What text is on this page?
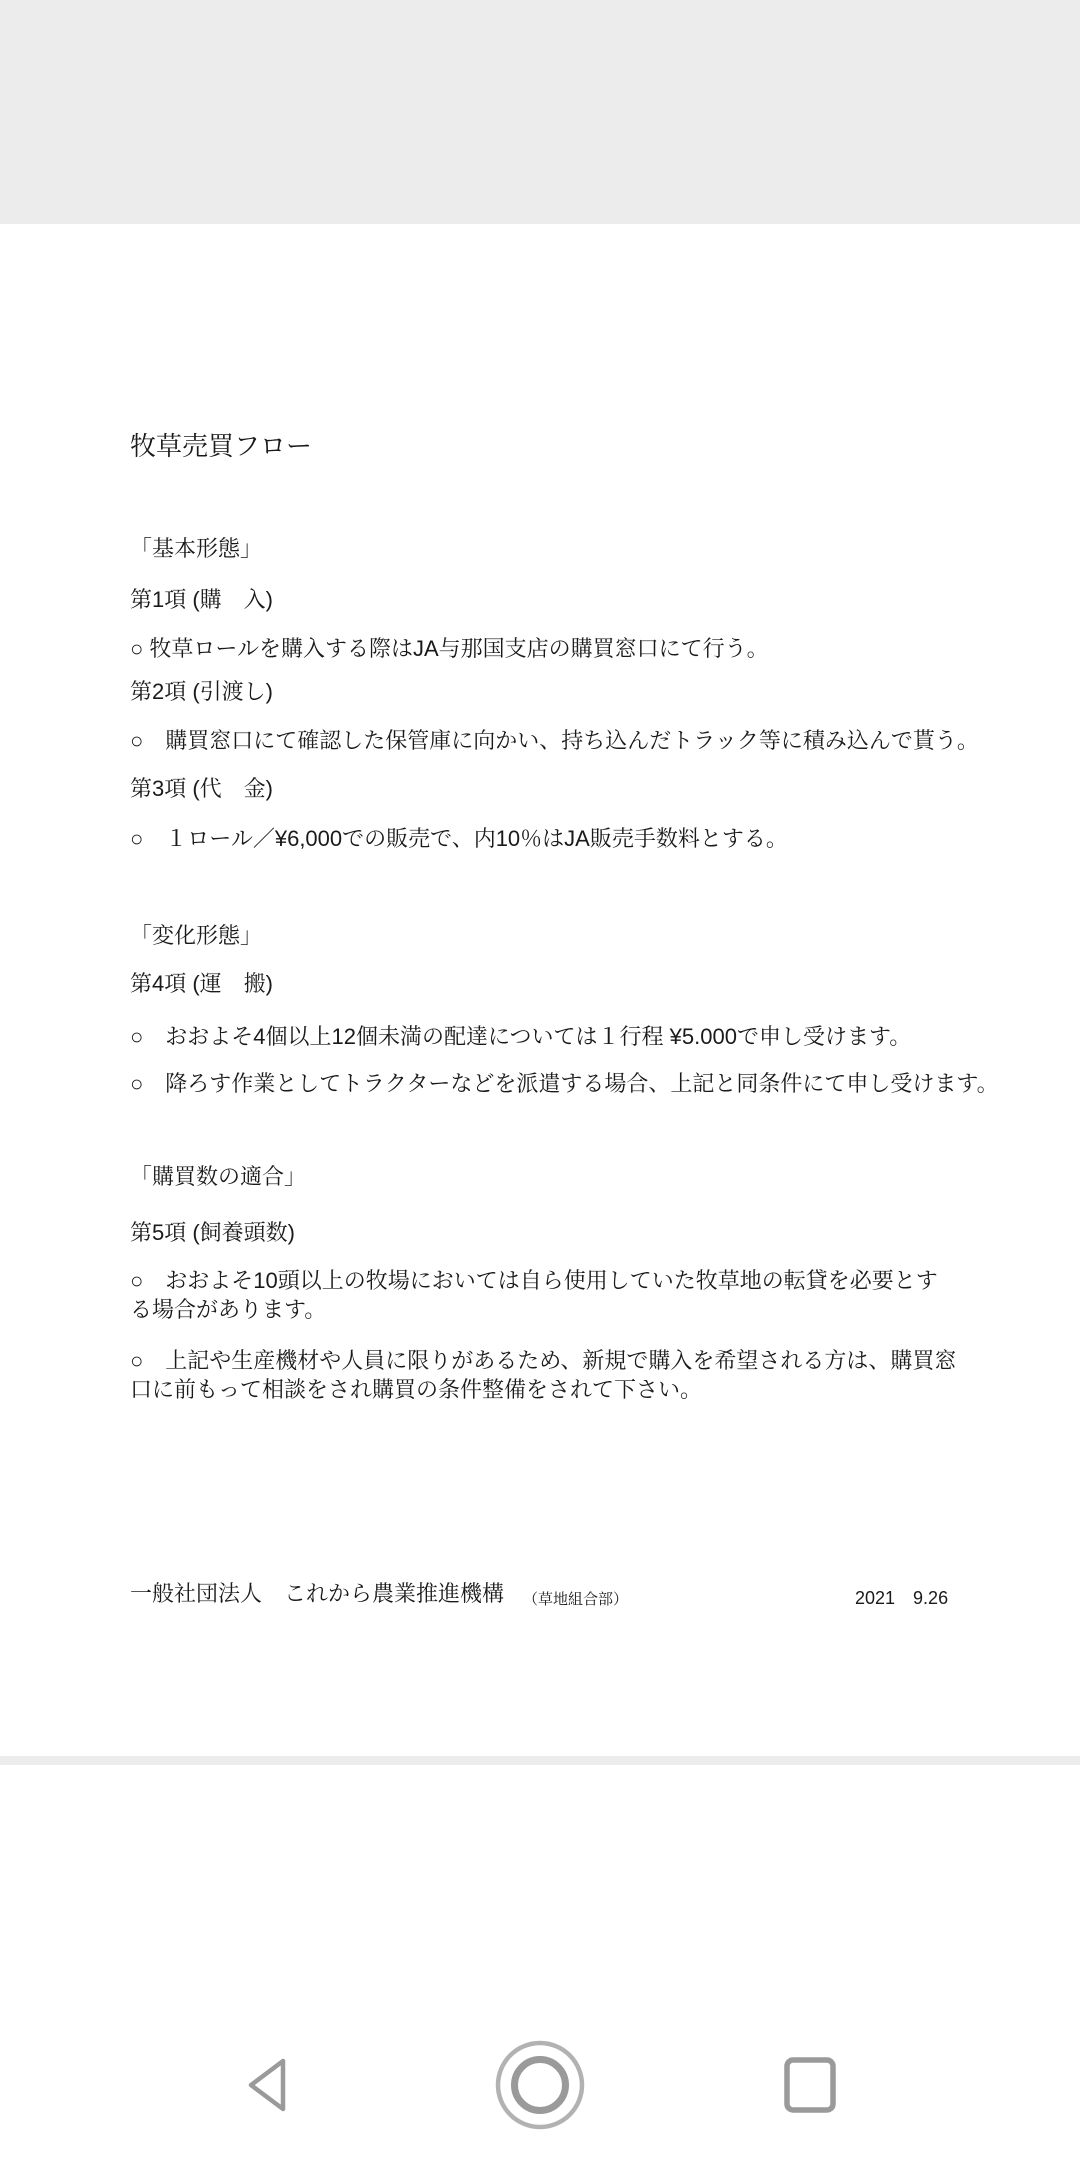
牧草売買フロー
「基本形態」
第1項 (購　入)
○ 牧草ロールを購入する際はJA与那国支店の購買窓口にて行う。
第2項 (引渡し)
○　購買窓口にて確認した保管庫に向かい、持ち込んだトラック等に積み込んで貰う。
第3項 (代　金)
○　１ロール／¥6,000での販売で、内10％はJA販売手数料とする。
「変化形態」
第4項 (運　搬)
○　おおよそ4個以上12個未満の配達については１行程 ¥5.000で申し受けます。
○　降ろす作業としてトラクターなどを派遣する場合、上記と同条件にて申し受けます。
「購買数の適合」
第5項 (飼養頭数)
○　おおよそ10頭以上の牧場においては自ら使用していた牧草地の転貸を必要とす
る場合があります。
○　上記や生産機材や人員に限りがあるため、新規で購入を希望される方は、購買窓
口に前もって相談をされ購買の条件整備をされて下さい。
一般社団法人　これから農業推進機構 （草地組合部）	2021　9.26
